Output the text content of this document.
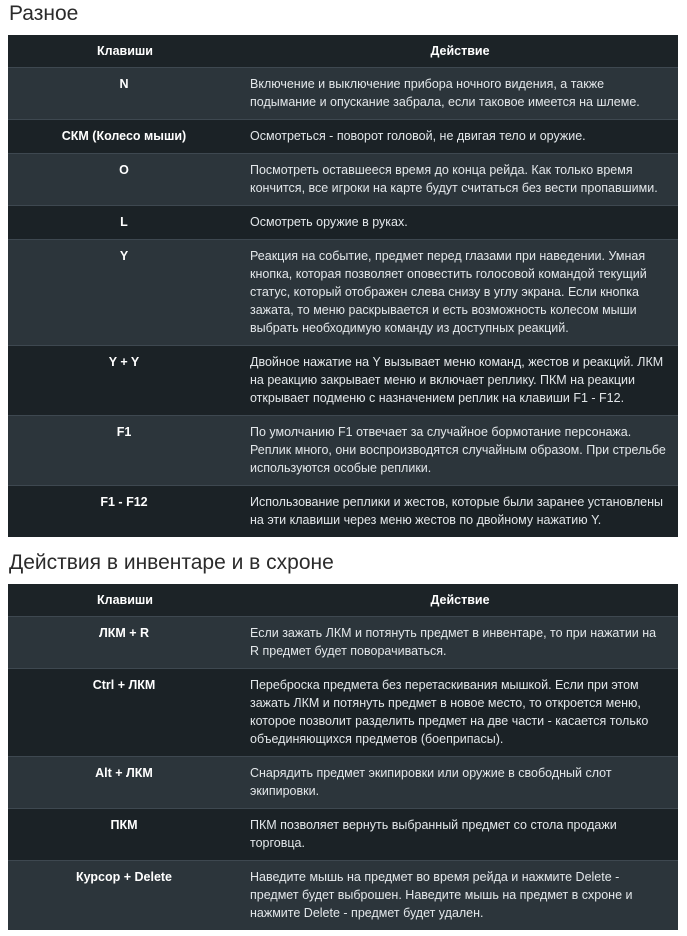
Разное
Клавиши	Действие
N	Включение и выключение прибора ночного видения, а также подымание и опускание забрала, если таковое имеется на шлеме.
СКМ (Колесо мыши)	Осмотреться - поворот головой, не двигая тело и оружие.
O	Посмотреть оставшееся время до конца рейда. Как только время кончится, все игроки на карте будут считаться без вести пропавшими.
L	Осмотреть оружие в руках.
Y	Реакция на событие, предмет перед глазами при наведении. Умная кнопка, которая позволяет оповестить голосовой командой текущий статус, который отображен слева снизу в углу экрана. Если кнопка зажата, то меню раскрывается и есть возможность колесом мыши выбрать необходимую команду из доступных реакций.
Y + Y	Двойное нажатие на Y вызывает меню команд, жестов и реакций. ЛКМ на реакцию закрывает меню и включает реплику. ПКМ на реакции открывает подменю с назначением реплик на клавиши F1 - F12.
F1	По умолчанию F1 отвечает за случайное бормотание персонажа. Реплик много, они воспроизводятся случайным образом. При стрельбе используются особые реплики.
F1 - F12	Использование реплики и жестов, которые были заранее установлены на эти клавиши через меню жестов по двойному нажатию Y.
Действия в инвентаре и в схроне
Клавиши	Действие
ЛКМ + R	Если зажать ЛКМ и потянуть предмет в инвентаре, то при нажатии на R предмет будет поворачиваться.
Ctrl + ЛКМ	Переброска предмета без перетаскивания мышкой. Если при этом зажать ЛКМ и потянуть предмет в новое место, то откроется меню, которое позволит разделить предмет на две части - касается только объединяющихся предметов (боеприпасы).
Alt + ЛКМ	Снарядить предмет экипировки или оружие в свободный слот экипировки.
ПКМ	ПКМ позволяет вернуть выбранный предмет со стола продажи торговца.
Курсор + Delete	Наведите мышь на предмет во время рейда и нажмите Delete - предмет будет выброшен. Наведите мышь на предмет в схроне и нажмите Delete - предмет будет удален.
